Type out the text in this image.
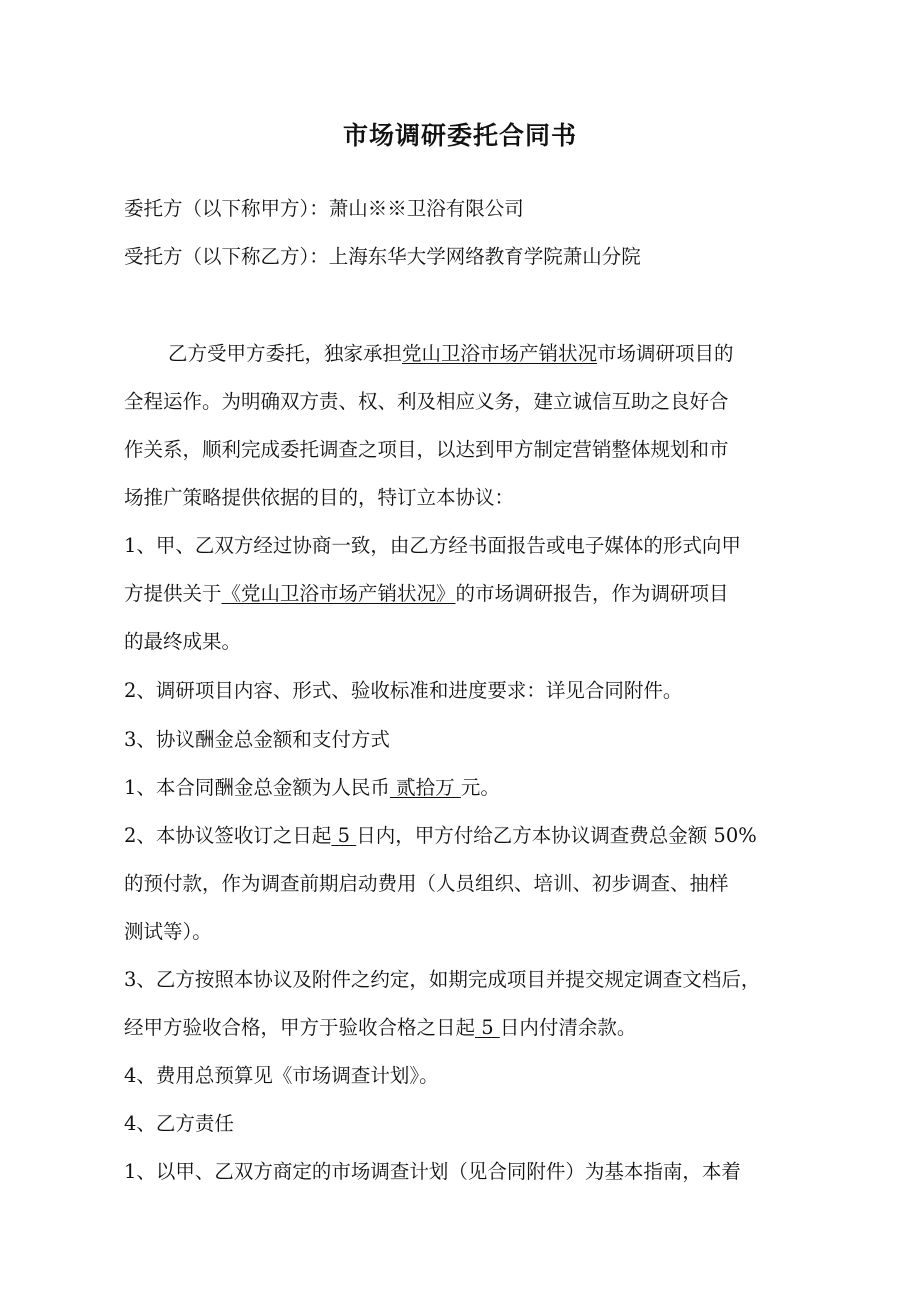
市场调研委托合同书
委托方（以下称甲方）：萧山※※卫浴有限公司
受托方（以下称乙方）：上海东华大学网络教育学院萧山分院
乙方受甲方委托，独家承担党山卫浴市场产销状况市场调研项目的
全程运作。为明确双方责、权、利及相应义务，建立诚信互助之良好合
作关系，顺利完成委托调查之项目，以达到甲方制定营销整体规划和市
场推广策略提供依据的目的，特订立本协议：
1、甲、乙双方经过协商一致，由乙方经书面报告或电子媒体的形式向甲
方提供关于《党山卫浴市场产销状况》的市场调研报告，作为调研项目
的最终成果。
2、调研项目内容、形式、验收标准和进度要求：详见合同附件。
3、协议酬金总金额和支付方式
1、本合同酬金总金额为人民币 贰拾万 元。
2、本协议签收订之日起 5 日内，甲方付给乙方本协议调查费总金额 50%
的预付款，作为调查前期启动费用（人员组织、培训、初步调查、抽样
测试等）。
3、乙方按照本协议及附件之约定，如期完成项目并提交规定调查文档后，
经甲方验收合格，甲方于验收合格之日起 5 日内付清余款。
4、费用总预算见《市场调查计划》。
4、乙方责任
1、以甲、乙双方商定的市场调查计划（见合同附件）为基本指南，本着
